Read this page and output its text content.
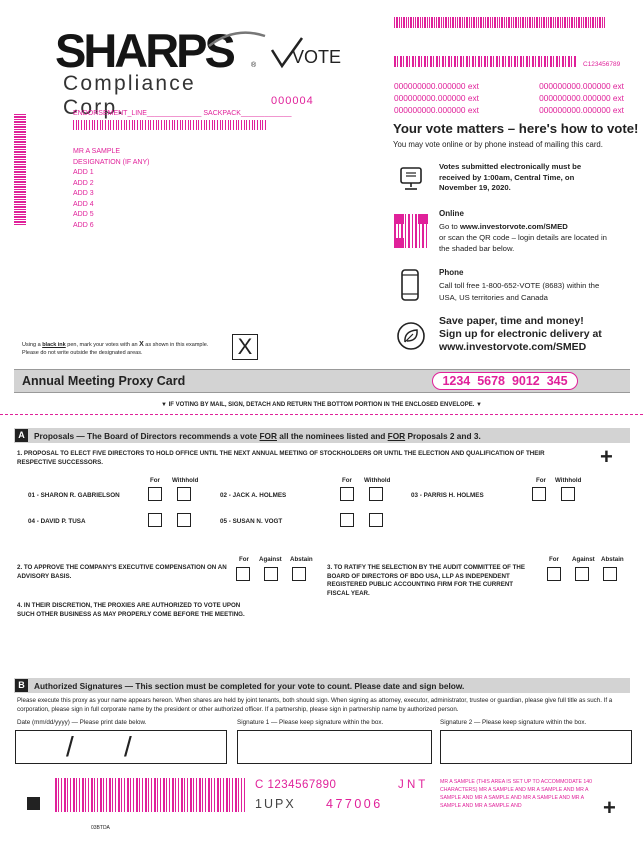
SHARPS	®
Compliance Corp.
VOTE
000004
ENDORSEMENT_LINE______________ SACKPACK_____________
MR A SAMPLE
DESIGNATION (IF ANY)
ADD 1
ADD 2
ADD 3
ADD 4
ADD 5
ADD 6
C123456789
000000000.000000 ext	000000000.000000 ext
000000000.000000 ext	000000000.000000 ext
000000000.000000 ext	000000000.000000 ext
Your vote matters – here's how to vote!
You may vote online or by phone instead of mailing this card.
Votes submitted electronically must be received by 1:00am, Central Time, on November 19, 2020.
Online
Go to www.investorvote.com/SMED
or scan the QR code – login details are located in the shaded bar below.
Phone
Call toll free 1-800-652-VOTE (8683) within the USA, US territories and Canada
Save paper, time and money!
Sign up for electronic delivery at
www.investorvote.com/SMED
Using a black ink pen, mark your votes with an X as shown in this example.
Please do not write outside the designated areas.	X
Annual Meeting Proxy Card	1234  5678  9012  345
▼ IF VOTING BY MAIL, SIGN, DETACH AND RETURN THE BOTTOM PORTION IN THE ENCLOSED ENVELOPE. ▼
A	Proposals — The Board of Directors recommends a vote FOR all the nominees listed and FOR Proposals 2 and 3.
+
1. PROPOSAL TO ELECT FIVE DIRECTORS TO HOLD OFFICE UNTIL THE NEXT ANNUAL MEETING OF STOCKHOLDERS OR UNTIL THE ELECTION AND QUALIFICATION OF THEIR RESPECTIVE SUCCESSORS.
For Withhold	For Withhold	For Withhold
01 - SHARON R. GABRIELSON	02 - JACK A. HOLMES	03 - PARRIS H. HOLMES
04 - DAVID P. TUSA	05 - SUSAN N. VOGT
For Against Abstain
2. TO APPROVE THE COMPANY'S EXECUTIVE COMPENSATION ON AN ADVISORY BASIS.
For Against Abstain
3. TO RATIFY THE SELECTION BY THE AUDIT COMMITTEE OF THE BOARD OF DIRECTORS OF BDO USA, LLP AS INDEPENDENT REGISTERED PUBLIC ACCOUNTING FIRM FOR THE CURRENT FISCAL YEAR.
4. IN THEIR DISCRETION, THE PROXIES ARE AUTHORIZED TO VOTE UPON SUCH OTHER BUSINESS AS MAY PROPERLY COME BEFORE THE MEETING.
B	Authorized Signatures — This section must be completed for your vote to count. Please date and sign below.
Please execute this proxy as your name appears hereon. When shares are held by joint tenants, both should sign. When signing as attorney, executor, administrator, trustee or guardian, please give full title as such. If a corporation, please sign in full corporate name by the president or other authorized officer. If a partnership, please sign in partnership name by authorized person.
Date (mm/dd/yyyy) — Please print date below.	Signature 1 — Please keep signature within the box.	Signature 2 — Please keep signature within the box.
/ /
C 1234567890	J N T
1UPX 477006
MR A SAMPLE (THIS AREA IS SET UP TO ACCOMMODATE 140 CHARACTERS) MR A SAMPLE AND MR A SAMPLE AND MR A SAMPLE AND MR A SAMPLE AND MR A SAMPLE AND MR A SAMPLE AND MR A SAMPLE AND	+
03BTDA
